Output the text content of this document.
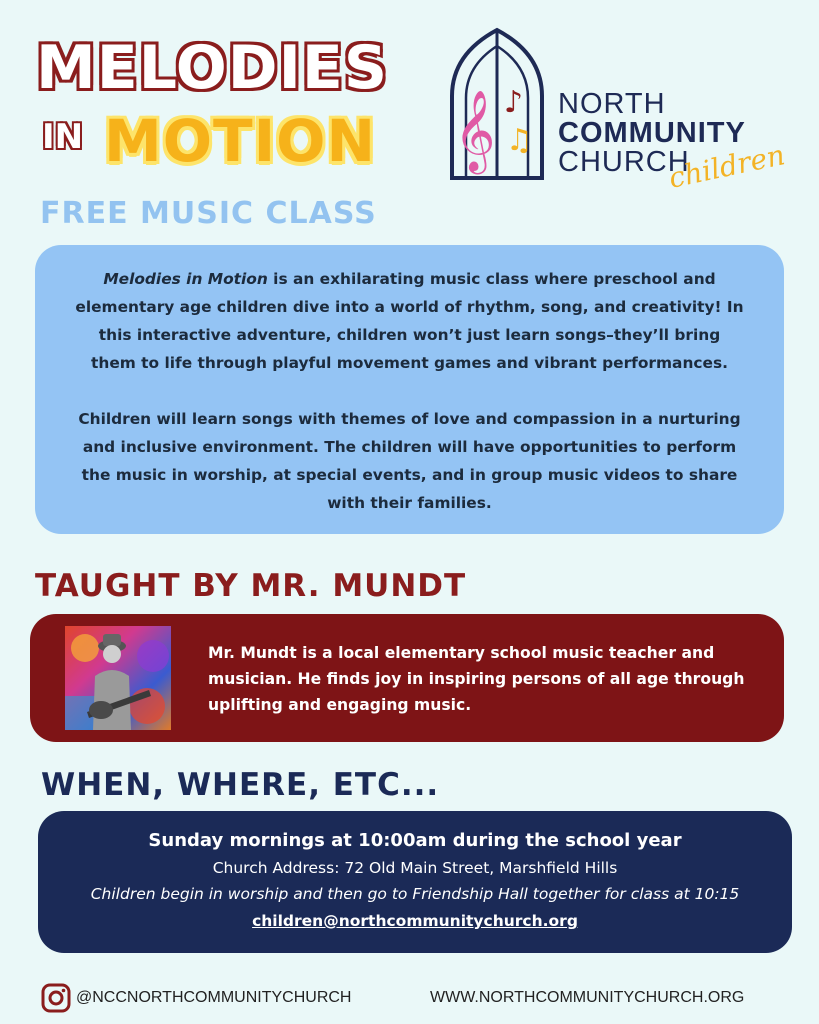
MELODIES
IN MOTION
FREE MUSIC CLASS
𝄞 ♪
♫
NORTH
COMMUNITY
CHURCH
children

Melodies in Motion is an exhilarating music class where preschool and elementary age children dive into a world of rhythm, song, and creativity! In this interactive adventure, children won’t just learn songs–they’ll bring them to life through playful movement games and vibrant performances.

Children will learn songs with themes of love and compassion in a nurturing and inclusive environment. The children will have opportunities to perform the music in worship, at special events, and in group music videos to share with their families.

TAUGHT BY MR. MUNDT
Mr. Mundt is a local elementary school music teacher and musician. He finds joy in inspiring persons of all age through uplifting and engaging music.
WHEN, WHERE, ETC...
Sunday mornings at 10:00am during the school year
Church Address: 72 Old Main Street, Marshfield Hills
Children begin in worship and then go to Friendship Hall together for class at 10:15
children@northcommunitychurch.org
@NCCNORTHCOMMUNITYCHURCH	WWW.NORTHCOMMUNITYCHURCH.ORG
